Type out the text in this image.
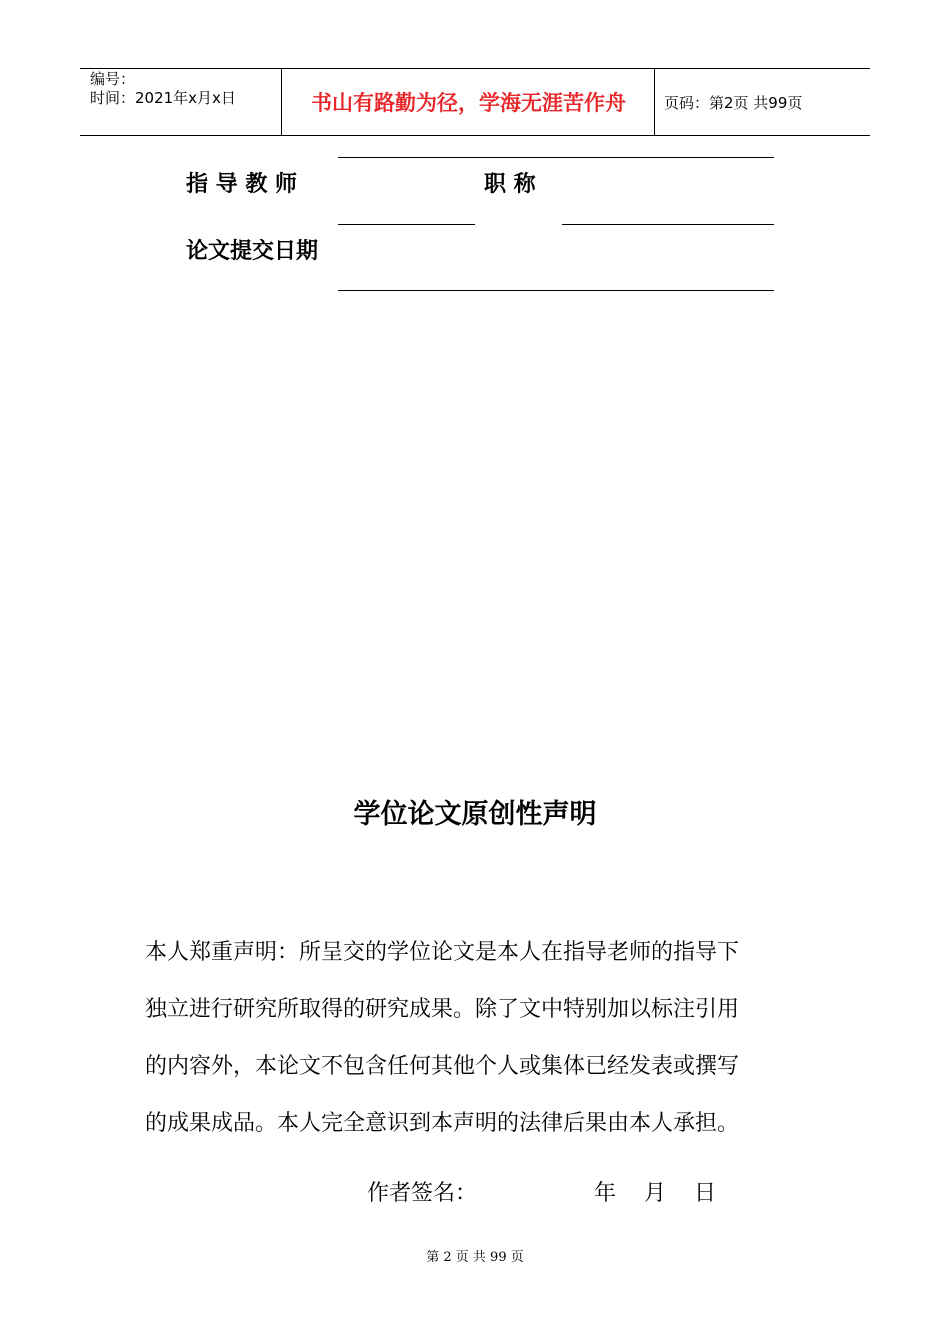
编号：
时间：2021年x月x日	书山有路勤为径，学海无涯苦作舟	页码：第2页 共99页
指 导 教 师	职 称
论文提交日期
学位论文原创性声明
本人郑重声明：所呈交的学位论文是本人在指导老师的指导下
独立进行研究所取得的研究成果。除了文中特别加以标注引用
的内容外，本论文不包含任何其他个人或集体已经发表或撰写
的成果成品。本人完全意识到本声明的法律后果由本人承担。
作者签名：	年    月    日
第 2 页 共 99 页
